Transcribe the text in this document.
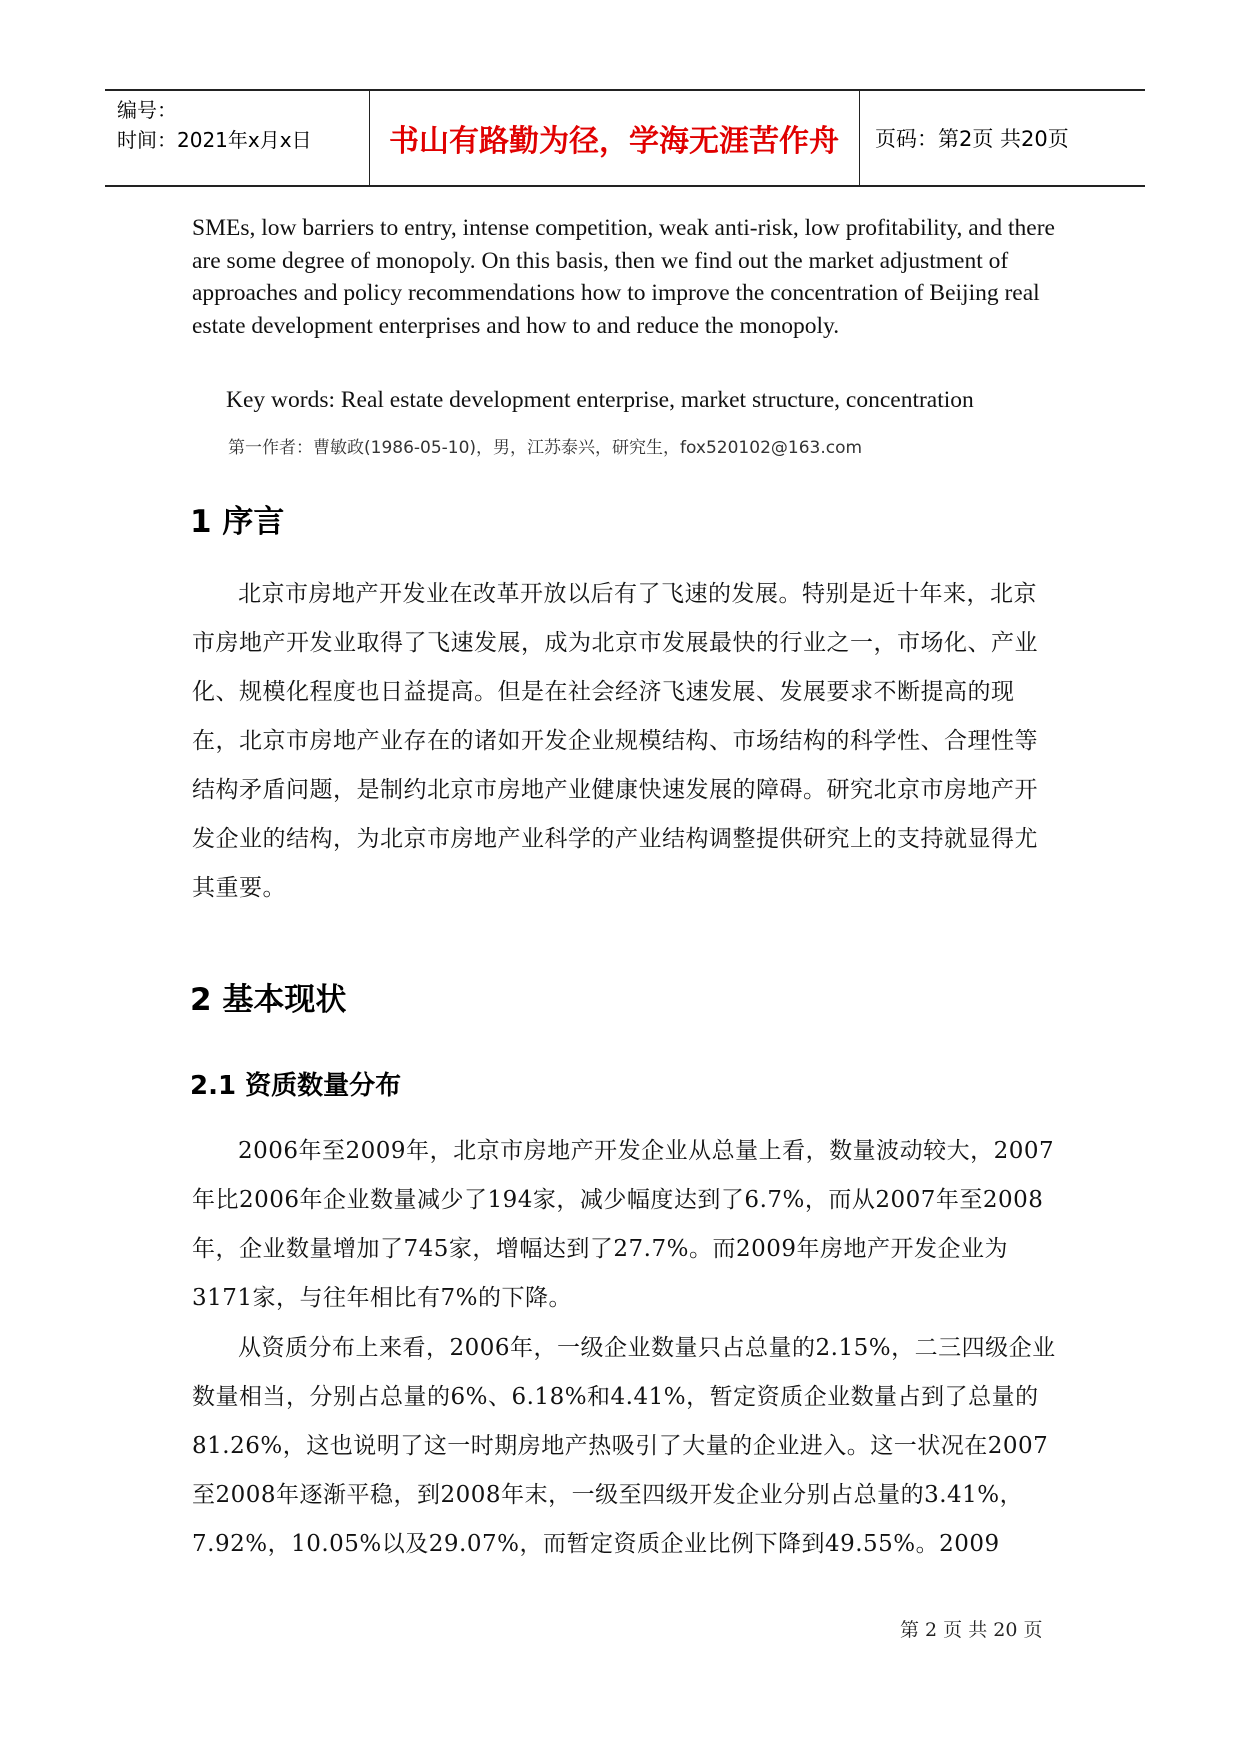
编号：
时间：2021年x月x日	书山有路勤为径，学海无涯苦作舟	页码：第2页 共20页
SMEs, low barriers to entry, intense competition, weak anti-risk, low profitability, and there are some degree of monopoly. On this basis, then we find out the market adjustment of approaches and policy recommendations how to improve the concentration of Beijing real estate development enterprises and how to and reduce the monopoly.
Key words: Real estate development enterprise, market structure, concentration
第一作者：曹敏政(1986-05-10)，男，江苏泰兴，研究生，fox520102@163.com
1 序言
北京市房地产开发业在改革开放以后有了飞速的发展。特别是近十年来，北京市房地产开发业取得了飞速发展，成为北京市发展最快的行业之一，市场化、产业化、规模化程度也日益提高。但是在社会经济飞速发展、发展要求不断提高的现在，北京市房地产业存在的诸如开发企业规模结构、市场结构的科学性、合理性等结构矛盾问题，是制约北京市房地产业健康快速发展的障碍。研究北京市房地产开发企业的结构，为北京市房地产业科学的产业结构调整提供研究上的支持就显得尤其重要。
2 基本现状
2.1 资质数量分布
2006年至2009年，北京市房地产开发企业从总量上看，数量波动较大，2007年比2006年企业数量减少了194家，减少幅度达到了6.7%，而从2007年至2008年，企业数量增加了745家，增幅达到了27.7%。而2009年房地产开发企业为3171家，与往年相比有7%的下降。
从资质分布上来看，2006年，一级企业数量只占总量的2.15%，二三四级企业数量相当，分别占总量的6%、6.18%和4.41%，暂定资质企业数量占到了总量的81.26%，这也说明了这一时期房地产热吸引了大量的企业进入。这一状况在2007至2008年逐渐平稳，到2008年末，一级至四级开发企业分别占总量的3.41%，7.92%，10.05%以及29.07%，而暂定资质企业比例下降到49.55%。2009
第 2 页 共 20 页
